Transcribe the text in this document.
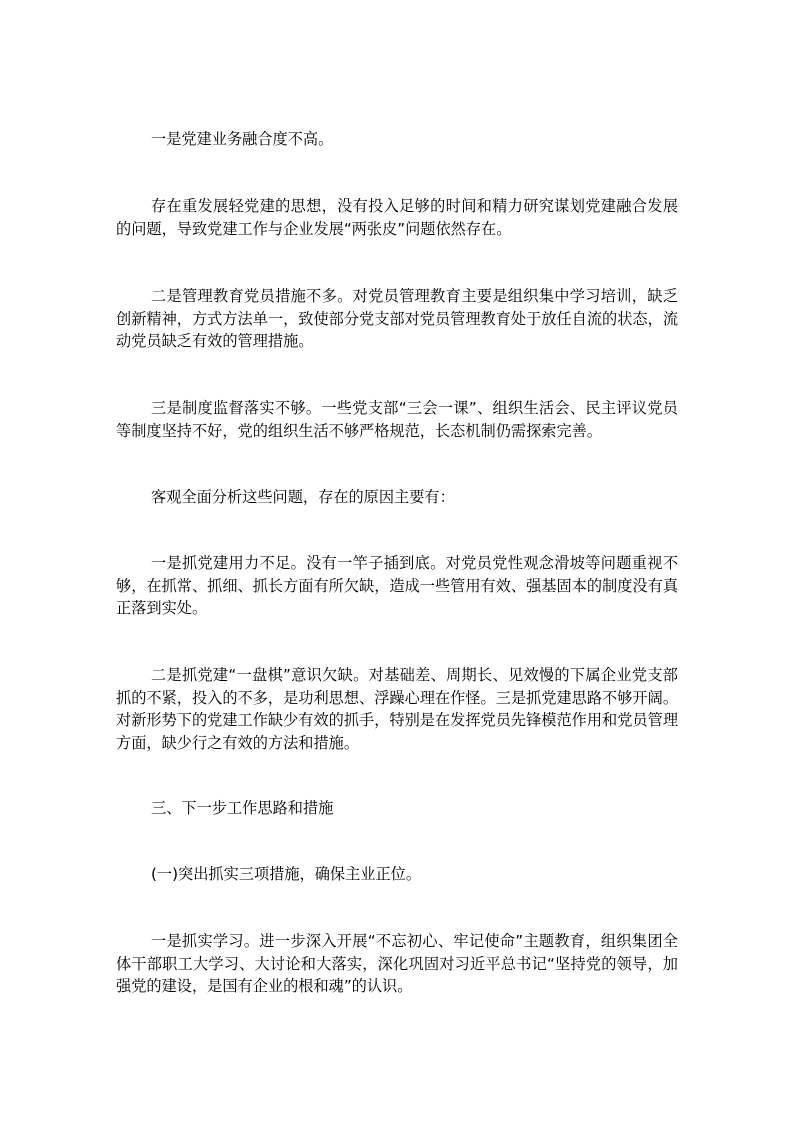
一是党建业务融合度不高。

存在重发展轻党建的思想，没有投入足够的时间和精力研究谋划党建融合发展的问题，导致党建工作与企业发展“两张皮”问题依然存在。

二是管理教育党员措施不多。对党员管理教育主要是组织集中学习培训，缺乏创新精神，方式方法单一，致使部分党支部对党员管理教育处于放任自流的状态，流动党员缺乏有效的管理措施。

三是制度监督落实不够。一些党支部“三会一课”、组织生活会、民主评议党员等制度坚持不好，党的组织生活不够严格规范，长态机制仍需探索完善。

客观全面分析这些问题，存在的原因主要有：

一是抓党建用力不足。没有一竿子插到底。对党员党性观念滑坡等问题重视不够，在抓常、抓细、抓长方面有所欠缺，造成一些管用有效、强基固本的制度没有真正落到实处。

二是抓党建“一盘棋”意识欠缺。对基础差、周期长、见效慢的下属企业党支部抓的不紧，投入的不多，是功利思想、浮躁心理在作怪。三是抓党建思路不够开阔。对新形势下的党建工作缺少有效的抓手，特别是在发挥党员先锋模范作用和党员管理方面，缺少行之有效的方法和措施。

三、下一步工作思路和措施

(一)突出抓实三项措施，确保主业正位。

一是抓实学习。进一步深入开展“不忘初心、牢记使命”主题教育，组织集团全体干部职工大学习、大讨论和大落实，深化巩固对习近平总书记“坚持党的领导，加强党的建设，是国有企业的根和魂”的认识。
